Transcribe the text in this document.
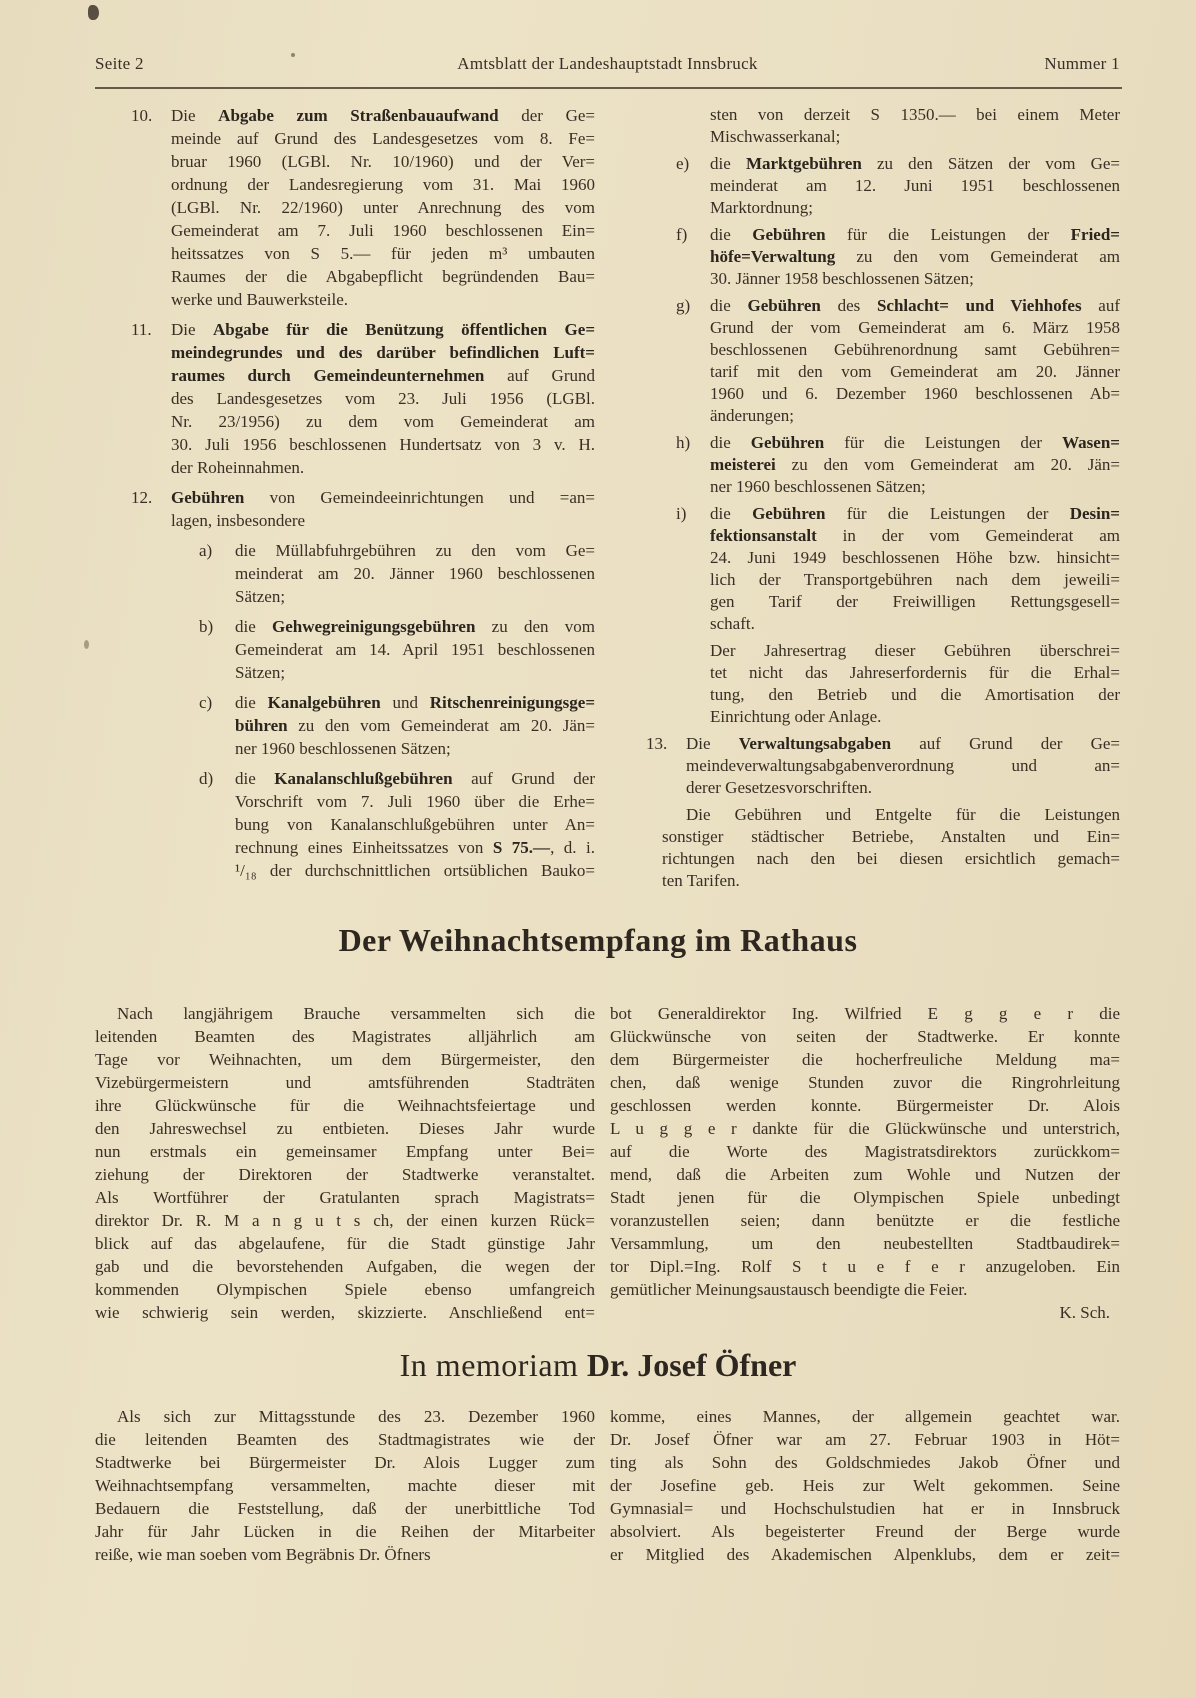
Seite 2	Amtsblatt der Landeshauptstadt Innsbruck	Nummer 1
10. Die Abgabe zum Straßenbauaufwand der Ge=
meinde auf Grund des Landesgesetzes vom 8. Fe=
bruar 1960 (LGBl. Nr. 10/1960) und der Ver=
ordnung der Landesregierung vom 31. Mai 1960
(LGBl. Nr. 22/1960) unter Anrechnung des vom
Gemeinderat am 7. Juli 1960 beschlossenen Ein=
heitssatzes von S 5.— für jeden m³ umbauten
Raumes der die Abgabepflicht begründenden Bau=
werke und Bauwerksteile.
11. Die Abgabe für die Benützung öffentlichen Ge=
meindegrundes und des darüber befindlichen Luft=
raumes durch Gemeindeunternehmen auf Grund
des Landesgesetzes vom 23. Juli 1956 (LGBl.
Nr. 23/1956) zu dem vom Gemeinderat am
30. Juli 1956 beschlossenen Hundertsatz von 3 v. H.
der Roheinnahmen.
12. Gebühren von Gemeindeeinrichtungen und =an=
lagen, insbesondere
a) die Müllabfuhrgebühren zu den vom Ge=
meinderat am 20. Jänner 1960 beschlossenen
Sätzen;
b) die Gehwegreinigungsgebühren zu den vom
Gemeinderat am 14. April 1951 beschlossenen
Sätzen;
c) die Kanalgebühren und Ritschenreinigungsge=
bühren zu den vom Gemeinderat am 20. Jän=
ner 1960 beschlossenen Sätzen;
d) die Kanalanschlußgebühren auf Grund der
Vorschrift vom 7. Juli 1960 über die Erhe=
bung von Kanalanschlußgebühren unter An=
rechnung eines Einheitssatzes von S 75.—, d. i.
¹/₁₈ der durchschnittlichen ortsüblichen Bauko=
sten von derzeit S 1350.— bei einem Meter
Mischwasserkanal;
e) die Marktgebühren zu den Sätzen der vom Ge=
meinderat am 12. Juni 1951 beschlossenen
Marktordnung;
f) die Gebühren für die Leistungen der Fried=
höfe=Verwaltung zu den vom Gemeinderat am
30. Jänner 1958 beschlossenen Sätzen;
g) die Gebühren des Schlacht= und Viehhofes auf
Grund der vom Gemeinderat am 6. März 1958
beschlossenen Gebührenordnung samt Gebühren=
tarif mit den vom Gemeinderat am 20. Jänner
1960 und 6. Dezember 1960 beschlossenen Ab=
änderungen;
h) die Gebühren für die Leistungen der Wasen=
meisterei zu den vom Gemeinderat am 20. Jän=
ner 1960 beschlossenen Sätzen;
i) die Gebühren für die Leistungen der Desin=
fektionsanstalt in der vom Gemeinderat am
24. Juni 1949 beschlossenen Höhe bzw. hinsicht=
lich der Transportgebühren nach dem jeweili=
gen Tarif der Freiwilligen Rettungsgesell=
schaft.
Der Jahresertrag dieser Gebühren überschrei=
tet nicht das Jahreserfordernis für die Erhal=
tung, den Betrieb und die Amortisation der
Einrichtung oder Anlage.
13. Die Verwaltungsabgaben auf Grund der Ge=
meindeverwaltungsabgabenverordnung und an=
derer Gesetzesvorschriften.
Die Gebühren und Entgelte für die Leistungen
sonstiger städtischer Betriebe, Anstalten und Ein=
richtungen nach den bei diesen ersichtlich gemach=
ten Tarifen.
Der Weihnachtsempfang im Rathaus
Nach langjährigem Brauche versammelten sich die
leitenden Beamten des Magistrates alljährlich am
Tage vor Weihnachten, um dem Bürgermeister, den
Vizebürgermeistern und amtsführenden Stadträten
ihre Glückwünsche für die Weihnachtsfeiertage und
den Jahreswechsel zu entbieten. Dieses Jahr wurde
nun erstmals ein gemeinsamer Empfang unter Bei=
ziehung der Direktoren der Stadtwerke veranstaltet.
Als Wortführer der Gratulanten sprach Magistrats=
direktor Dr. R. M a n g u t s ch, der einen kurzen Rück=
blick auf das abgelaufene, für die Stadt günstige Jahr
gab und die bevorstehenden Aufgaben, die wegen der
kommenden Olympischen Spiele ebenso umfangreich
wie schwierig sein werden, skizzierte. Anschließend ent=
bot Generaldirektor Ing. Wilfried E g g e r die
Glückwünsche von seiten der Stadtwerke. Er konnte
dem Bürgermeister die hocherfreuliche Meldung ma=
chen, daß wenige Stunden zuvor die Ringrohrleitung
geschlossen werden konnte. Bürgermeister Dr. Alois
L u g g e r dankte für die Glückwünsche und unterstrich,
auf die Worte des Magistratsdirektors zurückkom=
mend, daß die Arbeiten zum Wohle und Nutzen der
Stadt jenen für die Olympischen Spiele unbedingt
voranzustellen seien; dann benützte er die festliche
Versammlung, um den neubestellten Stadtbaudirek=
tor Dipl.=Ing. Rolf S t u e f e r anzugeloben. Ein
gemütlicher Meinungsaustausch beendigte die Feier.
K. Sch.
In memoriam Dr. Josef Öfner
Als sich zur Mittagsstunde des 23. Dezember 1960
die leitenden Beamten des Stadtmagistrates wie der
Stadtwerke bei Bürgermeister Dr. Alois Lugger zum
Weihnachtsempfang versammelten, machte dieser mit
Bedauern die Feststellung, daß der unerbittliche Tod
Jahr für Jahr Lücken in die Reihen der Mitarbeiter
reiße, wie man soeben vom Begräbnis Dr. Öfners
komme, eines Mannes, der allgemein geachtet war.
Dr. Josef Öfner war am 27. Februar 1903 in Höt=
ting als Sohn des Goldschmiedes Jakob Öfner und
der Josefine geb. Heis zur Welt gekommen. Seine
Gymnasial= und Hochschulstudien hat er in Innsbruck
absolviert. Als begeisterter Freund der Berge wurde
er Mitglied des Akademischen Alpenklubs, dem er zeit=
